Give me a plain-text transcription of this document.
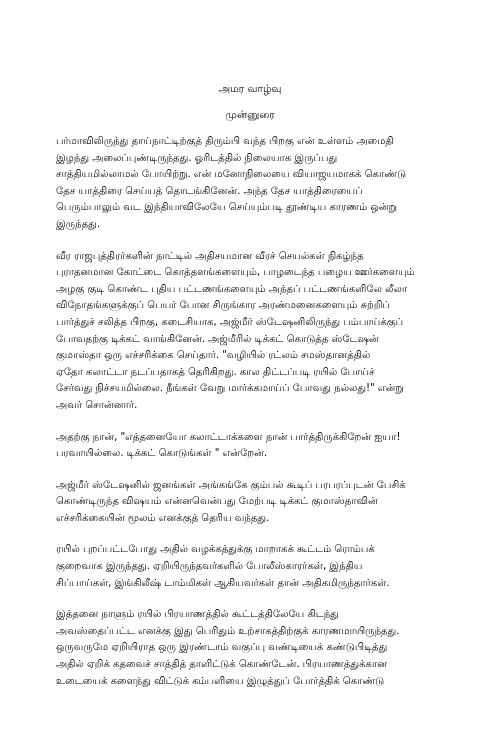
அமர வாழ்வு
முன்னுரை
பர்மாவிலிருந்து தாய்நாட்டிற்குத் திரும்பி வந்த பிறகு என் உள்ளம் அமைதி
இழந்து அலைப்புண்டிருந்தது. ஓரிடத்தில் நிலையாக இருப்பது
சாத்தியமில்லாமல் போயிற்று. என் மனோநிலையை வியாஜயமாகக் கொண்டு
தேச யாத்திரை செய்யத் தொடங்கினேன். அந்த தேச யாத்திரையைப்
பெரும்பாலும் வட இந்தியாவிலேயே செய்யும்படி தூண்டிய காரணம் ஒன்று
இருந்தது.
வீர ராஜபுத்திரர்களின் நாட்டில் அதிசயமான வீரச் செயல்கள் நிகழ்ந்த
புராதனமான கோட்டை கொத்தளங்களையும், பாழடைந்த பழைய ஊர்களையும்
அழகு குடி கொண்ட புதிய பட்டணங்களையும் அந்தப் பட்டணங்களிலே லீலா
விநோதங்களுக்குப் பெயர் போன சிருங்கார அரண்மனைகளையும் சுற்றிப்
பார்த்துச் சலித்த பிறகு, கடைசியாக, அஜ்மீர் ஸ்டேஷனிலிருந்து பம்பாய்க்குப்
போவதற்கு டிக்கட் வாங்கினேன். அஜ்மீரில் டிக்கட் கொடுத்த ஸ்டேஷன்
குமாஸ்தா ஒரு எச்சரிக்கை செய்தார். "வழியில் ரட்லம் சமஸ்தானத்தில்
ஏதோ கலாட்டா நடப்பதாகத் தெரிகிறது. கால திட்டப்படி ரயில் போய்ச்
சேர்வது நிச்சயமில்லை. நீங்கள் வேறு மார்க்கமாய்ப் போவது நல்லது!" என்று
அவர் சொன்னார்.
அதற்கு நான், "எத்தனையோ கலாட்டாக்களை நான் பார்த்திருக்கிறேன் ஐயா!
பரவாயில்லை. டிக்கட் கொடுங்கள் " என்றேன்.
அஜ்மீர் ஸ்டேஷனில் ஜனங்கள் அங்கங்கே கும்பல் கூடிப் பரபரப்புடன் பேசிக்
கொண்டிருந்த விஷயம் என்னவென்பது மேற்படி டிக்கட் குமாஸ்தாவின்
எச்சரிக்கையின் மூலம் எனக்குத் தெரிய வந்தது.
ரயில் புறப்பட்டபோது அதில் வழக்கத்துக்கு மாறாகக் கூட்டம் ரொம்பக்
குறைவாக இருந்தது. ஏறியிருந்தவர்களில் போலீஸ்காரர்கள், இந்திய
சிப்பாய்கள், இங்கிலீஷ் டாம்மிகள் ஆகியவர்கள் தான் அதிகமிருந்தார்கள்.
இத்தனை நாளும் ரயில் பிரயாணத்தில் கூட்டத்திலேயே கிடந்து
அவஸ்தைப்பட்ட எனக்கு இது பெரிதும் உற்சாகத்திற்குக் காரணமாயிருந்தது.
ஒருவருமே ஏறியிராத ஒரு இரண்டாம் வகுப்பு வண்டியைக் கண்டுபிடித்து
அதில் ஏறிக் கதவைச் சாத்தித் தாளிட்டுக் கொண்டேன். பிரயாணத்துக்கான
உடையைக் களைந்து விட்டுக் கம்பளியை இழுத்துப் போர்த்திக் கொண்டு
